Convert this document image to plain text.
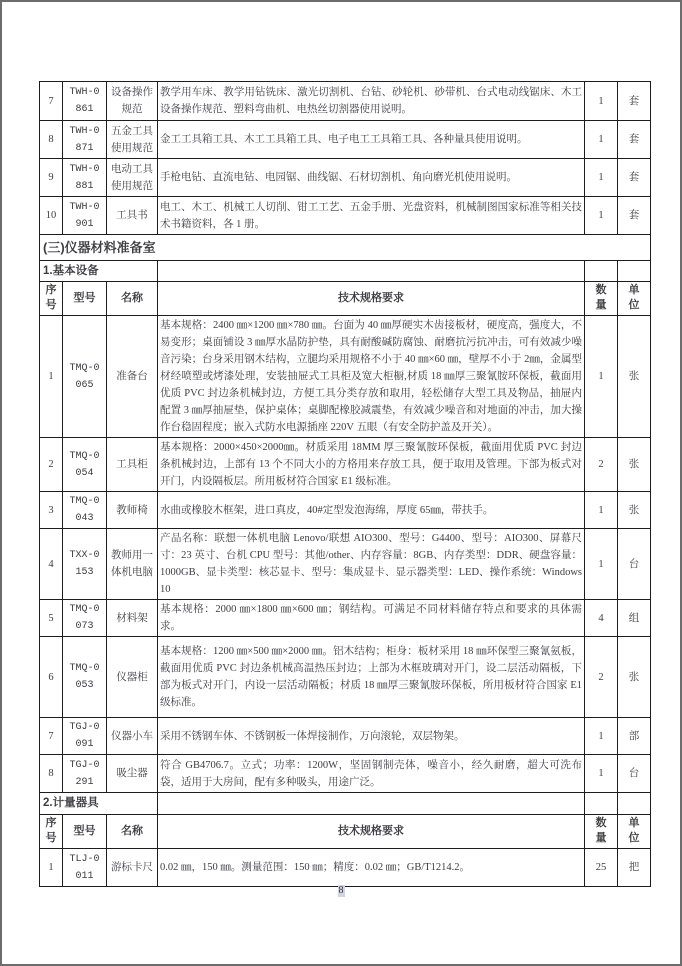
7	TWH-0861	设备操作规范	教学用车床、教学用钻铣床、激光切割机、台钻、砂轮机、砂带机、台式电动线锯床、木工设备操作规范、塑料弯曲机、电热丝切割器使用说明。	1	套
8	TWH-0871	五金工具使用规范	金工工具箱工具、木工工具箱工具、电子电工工具箱工具、各种量具使用说明。	1	套
9	TWH-0881	电动工具使用规范	手枪电钻、直流电钻、电园锯、曲线锯、石材切割机、角向磨光机使用说明。	1	套
10	TWH-0901	工具书	电工、木工、机械工人切削、钳工工艺、五金手册、光盘资料，机械制图国家标准等相关技术书籍资料，各 1 册。	1	套
(三)仪器材料准备室					
1.基本设备					
序号	型号	名称	技术规格要求	数量	单位
1	TMQ-0065	准备台	基本规格：2400 ㎜×1200 ㎜×780 ㎜。台面为 40 ㎜厚硬实木齿接板材，硬度高，强度大，不易变形；桌面铺设 3 ㎜厚水晶防护垫，具有耐酸碱防腐蚀、耐磨抗污抗冲击，可有效减少噪音污染；台身采用钢木结构，立腿均采用规格不小于 40 ㎜×60 ㎜，壁厚不小于 2㎜，金属型材经喷塑或烤漆处理，安装抽屉式工具柜及宽大柜橱,材质 18 ㎜厚三聚氰胺环保板，截面用优质 PVC 封边条机械封边，方便工具分类存放和取用，轻松储存大型工具及物品，抽屉内配置 3 ㎜厚抽屉垫，保护桌体；桌脚配橡胶减震垫，有效减少噪音和对地面的冲击，加大操作台稳固程度；嵌入式防水电源插座 220V 五眼（有安全防护盖及开关）。	1	张
2	TMQ-0054	工具柜	基本规格：2000×450×2000㎜。材质采用 18MM 厚三聚氰胺环保板，截面用优质 PVC 封边条机械封边，上部有 13 个不同大小的方格用来存放工具，便于取用及管理。下部为板式对开门，内设隔板层。所用板材符合国家 E1 级标准。	2	张
3	TMQ-0043	教师椅	水曲或橡胶木框架，进口真皮，40#定型发泡海绵，厚度 65㎜，带扶手。	1	张
4	TXX-0153	教师用一体机电脑	产品名称：联想一体机电脑 Lenovo/联想 AIO300、型号：G4400、型号：AIO300、屏幕尺寸：23 英寸、台机 CPU 型号：其他/other、内存容量：8GB、内存类型：DDR、硬盘容量：1000GB、显卡类型：核芯显卡、型号：集成显卡、显示器类型：LED、操作系统：Windows 10	1	台
5	TMQ-0073	材料架	基本规格：2000 ㎜×1800 ㎜×600 ㎜；钢结构。可满足不同材料储存特点和要求的具体需求。	4	组
6	TMQ-0053	仪器柜	基本规格：1200 ㎜×500 ㎜×2000 ㎜。铝木结构；柜身：板材采用 18 ㎜环保型三聚氰氨板，截面用优质 PVC 封边条机械高温热压封边；上部为木框玻璃对开门，设二层活动隔板，下部为板式对开门，内设一层活动隔板；材质 18 ㎜厚三聚氰胺环保板，所用板材符合国家 E1 级标准。	2	张
7	TGJ-0091	仪器小车	采用不锈钢车体、不锈钢板一体焊接制作，万向滚轮，双层物架。	1	部
8	TGJ-0291	吸尘器	符合 GB4706.7。立式；功率：1200W，坚固钢制壳体，噪音小，经久耐磨，超大可洗布袋，适用于大房间，配有多种吸头，用途广泛。	1	台
2.计量器具					
序号	型号	名称	技术规格要求	数量	单位
1	TLJ-0011	游标卡尺	0.02 ㎜，150 ㎜。测量范围：150 ㎜；精度：0.02 ㎜；GB/T1214.2。	25	把
8
